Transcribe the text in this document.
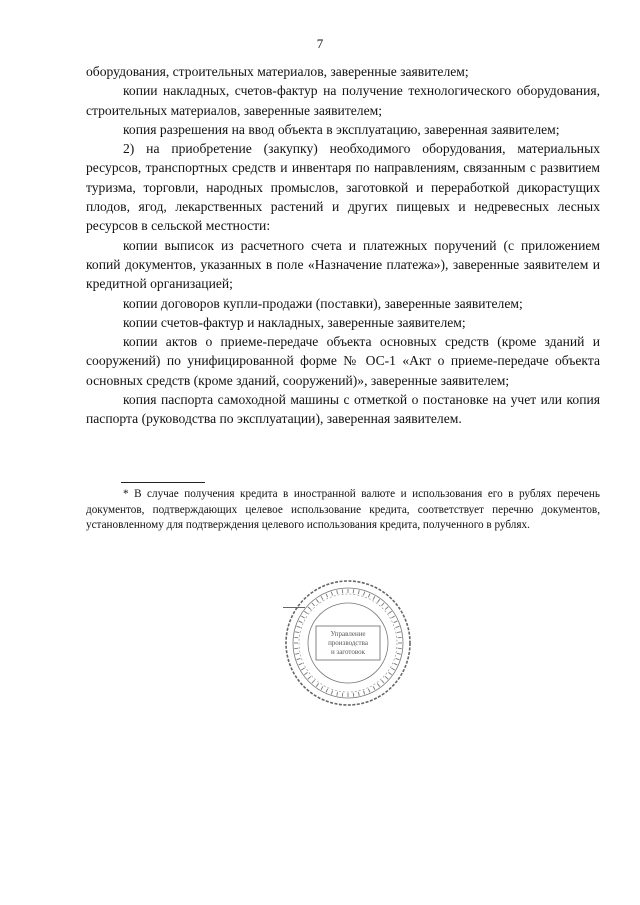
7

оборудования, строительных материалов, заверенные заявителем;

копии накладных, счетов-фактур на получение технологического оборудования, строительных материалов, заверенные заявителем;

копия разрешения на ввод объекта в эксплуатацию, заверенная заявителем;

2) на приобретение (закупку) необходимого оборудования, материальных ресурсов, транспортных средств и инвентаря по направлениям, связанным с развитием туризма, торговли, народных промыслов, заготовкой и переработкой дикорастущих плодов, ягод, лекарственных растений и других пищевых и недревесных лесных ресурсов в сельской местности:

копии выписок из расчетного счета и платежных поручений (с приложением копий документов, указанных в поле «Назначение платежа»), заверенные заявителем и кредитной организацией;

копии договоров купли-продажи (поставки), заверенные заявителем;

копии счетов-фактур и накладных, заверенные заявителем;

копии актов о приеме-передаче объекта основных средств (кроме зданий и сооружений) по унифицированной форме № ОС-1 «Акт о приеме-передаче объекта основных средств (кроме зданий, сооружений)», заверенные заявителем;

копия паспорта самоходной машины с отметкой о постановке на учет или копия паспорта (руководства по эксплуатации), заверенная заявителем.

* В случае получения кредита в иностранной валюте и использования его в рублях перечень документов, подтверждающих целевое использование кредита, соответствует перечню документов, установленному для подтверждения целевого использования кредита, полученного в рублях.

Управление
производства
и заготовок
